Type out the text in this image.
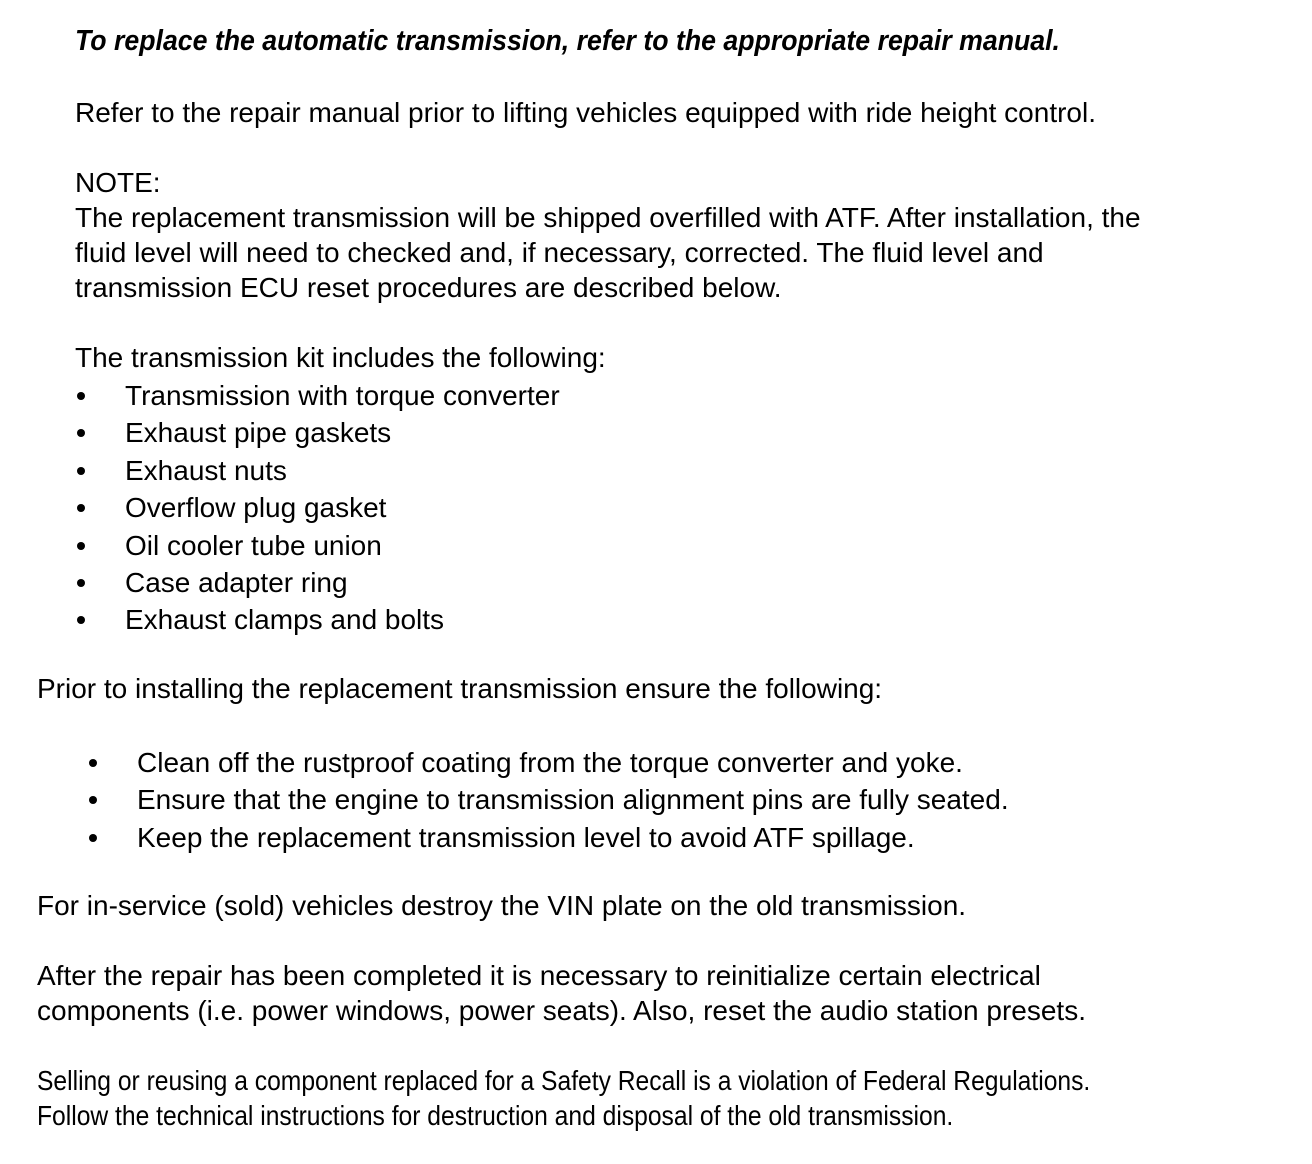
To replace the automatic transmission, refer to the appropriate repair manual.

Refer to the repair manual prior to lifting vehicles equipped with ride height control.

NOTE:

The replacement transmission will be shipped overfilled with ATF. After installation, the

fluid level will need to checked and, if necessary, corrected. The fluid level and

transmission ECU reset procedures are described below.

The transmission kit includes the following:

Transmission with torque converter
Exhaust pipe gaskets
Exhaust nuts
Overflow plug gasket
Oil cooler tube union
Case adapter ring
Exhaust clamps and bolts

Prior to installing the replacement transmission ensure the following:

Clean off the rustproof coating from the torque converter and yoke.
Ensure that the engine to transmission alignment pins are fully seated.
Keep the replacement transmission level to avoid ATF spillage.

For in-service (sold) vehicles destroy the VIN plate on the old transmission.

After the repair has been completed it is necessary to reinitialize certain electrical

components (i.e. power windows, power seats). Also, reset the audio station presets.

Selling or reusing a component replaced for a Safety Recall is a violation of Federal Regulations.

Follow the technical instructions for destruction and disposal of the old transmission.
